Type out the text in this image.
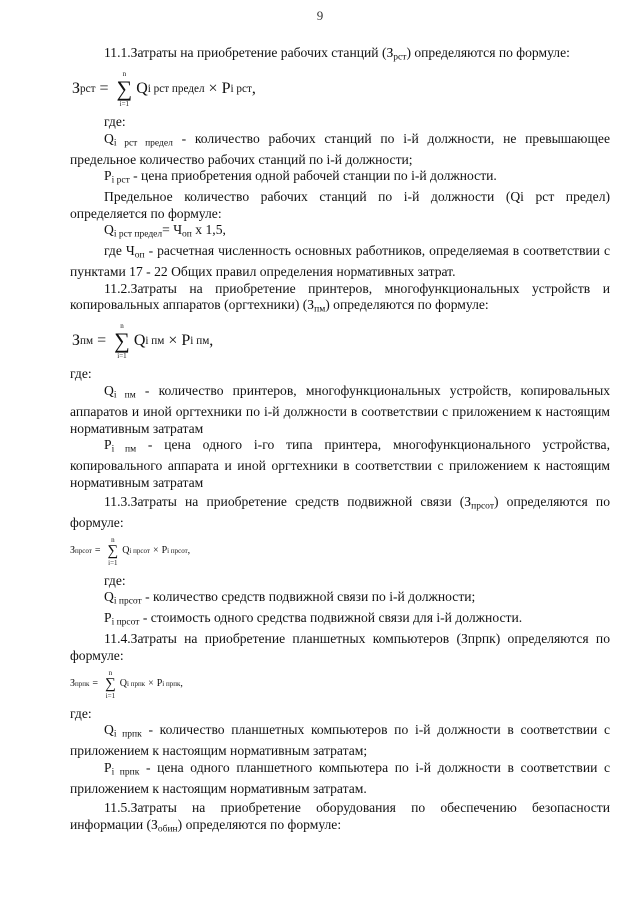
9

11.1.Затраты на приобретение рабочих станций $(З_{рст})$ определяются по формуле:

З рст =
n
∑
i=1
Q i рст предел × P i рст ,

где:

$Q_{i рст предел}$ - количество рабочих станций по i-й должности, не превышающее предельное количество рабочих станций по i-й должности;

$P_{i рст}$ - цена приобретения одной рабочей станции по i-й должности.

Предельное количество рабочих станций по i-й должности (Qi рст предел) определяется по формуле:

$Q_{i рст предел}= Ч_{оп}$ x 1,5,

где $Ч_{оп}$ - расчетная численность основных работников, определяемая в соответствии с пунктами 17 - 22 Общих правил определения нормативных затрат.

11.2.Затраты на приобретение принтеров, многофункциональных устройств и копировальных аппаратов (оргтехники) $(З_{пм})$ определяются по формуле:

З пм =
n
∑
i=1
Q i пм × P i пм ,

где:

$Q_{i пм}$ - количество принтеров, многофункциональных устройств, копировальных аппаратов и иной оргтехники по i-й должности в соответствии с приложением к настоящим нормативным затратам

$P_{i пм}$ - цена одного i-го типа принтера, многофункционального устройства, копировального аппарата и иной оргтехники в соответствии с приложением к настоящим нормативным затратам

11.3.Затраты на приобретение средств подвижной связи $(З_{прсот})$ определяются по формуле:

З прсот =
n
∑
i=1
Q i прсот × P i прсот ,

где:

$Q_{i прсот}$ - количество средств подвижной связи по i-й должности;

$P_{i прсот}$ - стоимость одного средства подвижной связи для i-й должности.

11.4.Затраты на приобретение планшетных компьютеров (Зпрпк) определяются по формуле:

З прпк =
n
∑
i=1
Q i прпк × P i прпк ,

где:

$Q_{i прпк}$ - количество планшетных компьютеров по i-й должности в соответствии с приложением к настоящим нормативным затратам;

$P_{i прпк}$ - цена одного планшетного компьютера по i-й должности в соответствии с приложением к настоящим нормативным затратам.

11.5.Затраты на приобретение оборудования по обеспечению безопасности информации $(З_{обин})$ определяются по формуле:
